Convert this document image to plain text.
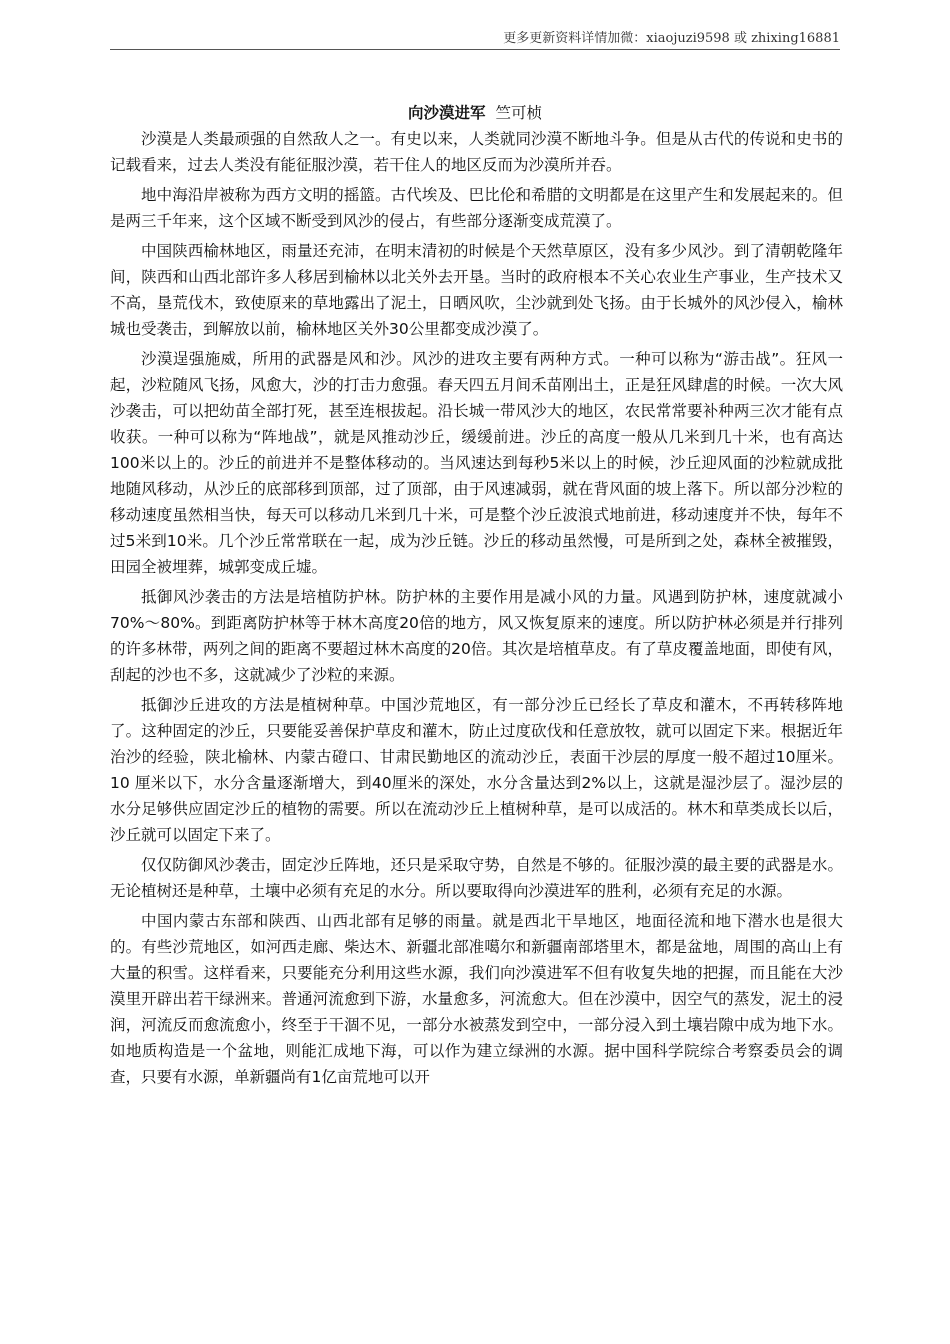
更多更新资料详情加微：xiaojuzi9598 或 zhixing16881
向沙漠进军 竺可桢

沙漠是人类最顽强的自然敌人之一。有史以来，人类就同沙漠不断地斗争。但是从古代的传说和史书的记载看来，过去人类没有能征服沙漠，若干住人的地区反而为沙漠所并吞。

地中海沿岸被称为西方文明的摇篮。古代埃及、巴比伦和希腊的文明都是在这里产生和发展起来的。但是两三千年来，这个区域不断受到风沙的侵占，有些部分逐渐变成荒漠了。

中国陕西榆林地区，雨量还充沛，在明末清初的时候是个天然草原区，没有多少风沙。到了清朝乾隆年间，陕西和山西北部许多人移居到榆林以北关外去开垦。当时的政府根本不关心农业生产事业，生产技术又不高，垦荒伐木，致使原来的草地露出了泥土，日晒风吹，尘沙就到处飞扬。由于长城外的风沙侵入，榆林城也受袭击，到解放以前，榆林地区关外30公里都变成沙漠了。

沙漠逞强施威，所用的武器是风和沙。风沙的进攻主要有两种方式。一种可以称为“游击战”。狂风一起，沙粒随风飞扬，风愈大，沙的打击力愈强。春天四五月间禾苗刚出土，正是狂风肆虐的时候。一次大风沙袭击，可以把幼苗全部打死，甚至连根拔起。沿长城一带风沙大的地区，农民常常要补种两三次才能有点收获。一种可以称为“阵地战”，就是风推动沙丘，缓缓前进。沙丘的高度一般从几米到几十米，也有高达100米以上的。沙丘的前进并不是整体移动的。当风速达到每秒5米以上的时候，沙丘迎风面的沙粒就成批地随风移动，从沙丘的底部移到顶部，过了顶部，由于风速减弱，就在背风面的坡上落下。所以部分沙粒的移动速度虽然相当快，每天可以移动几米到几十米，可是整个沙丘波浪式地前进，移动速度并不快，每年不过5米到10米。几个沙丘常常联在一起，成为沙丘链。沙丘的移动虽然慢，可是所到之处，森林全被摧毁，田园全被埋葬，城郭变成丘墟。

抵御风沙袭击的方法是培植防护林。防护林的主要作用是减小风的力量。风遇到防护林，速度就减小70%～80%。到距离防护林等于林木高度20倍的地方，风又恢复原来的速度。所以防护林必须是并行排列的许多林带，两列之间的距离不要超过林木高度的20倍。其次是培植草皮。有了草皮覆盖地面，即使有风，刮起的沙也不多，这就减少了沙粒的来源。

抵御沙丘进攻的方法是植树种草。中国沙荒地区，有一部分沙丘已经长了草皮和灌木，不再转移阵地了。这种固定的沙丘，只要能妥善保护草皮和灌木，防止过度砍伐和任意放牧，就可以固定下来。根据近年治沙的经验，陕北榆林、内蒙古磴口、甘肃民勤地区的流动沙丘，表面干沙层的厚度一般不超过10厘米。10 厘米以下，水分含量逐渐增大，到40厘米的深处，水分含量达到2%以上，这就是湿沙层了。湿沙层的水分足够供应固定沙丘的植物的需要。所以在流动沙丘上植树种草，是可以成活的。林木和草类成长以后，沙丘就可以固定下来了。

仅仅防御风沙袭击，固定沙丘阵地，还只是采取守势，自然是不够的。征服沙漠的最主要的武器是水。无论植树还是种草，土壤中必须有充足的水分。所以要取得向沙漠进军的胜利，必须有充足的水源。

中国内蒙古东部和陕西、山西北部有足够的雨量。就是西北干旱地区，地面径流和地下潜水也是很大的。有些沙荒地区，如河西走廊、柴达木、新疆北部准噶尔和新疆南部塔里木，都是盆地，周围的高山上有大量的积雪。这样看来，只要能充分利用这些水源，我们向沙漠进军不但有收复失地的把握，而且能在大沙漠里开辟出若干绿洲来。普通河流愈到下游，水量愈多，河流愈大。但在沙漠中，因空气的蒸发，泥土的浸润，河流反而愈流愈小，终至于干涸不见，一部分水被蒸发到空中，一部分浸入到土壤岩隙中成为地下水。如地质构造是一个盆地，则能汇成地下海，可以作为建立绿洲的水源。据中国科学院综合考察委员会的调查，只要有水源，单新疆尚有1亿亩荒地可以开
